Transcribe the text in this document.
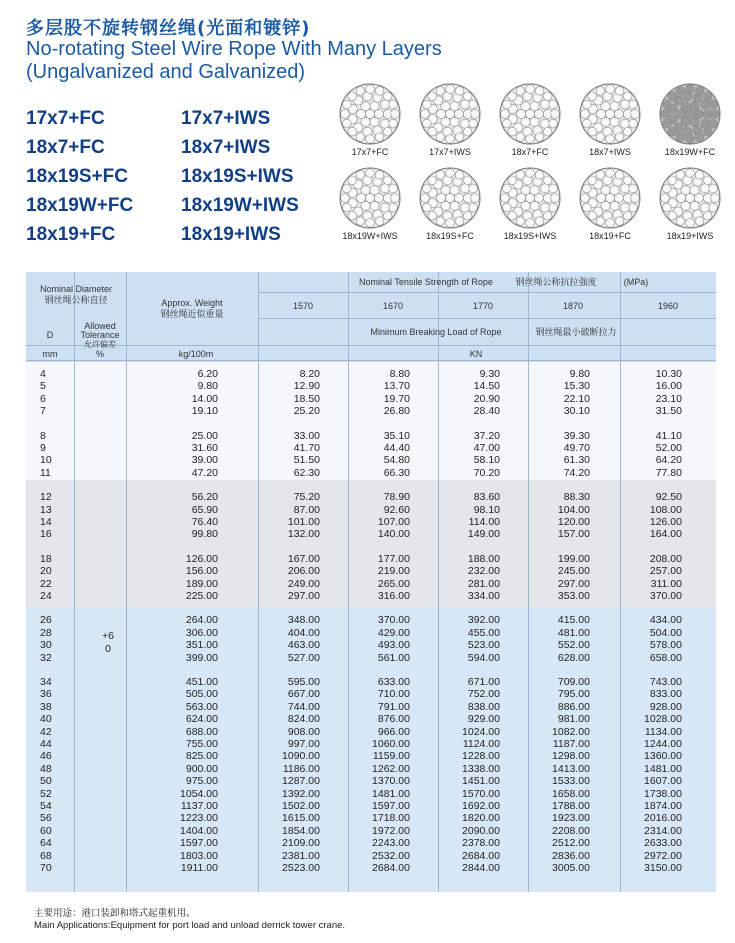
多层股不旋转钢丝绳(光面和镀锌)
No-rotating Steel Wire Rope With Many Layers
(Ungalvanized and Galvanized)
17x7+FC	17x7+IWS
18x7+FC	18x7+IWS
18x19S+FC	18x19S+IWS
18x19W+FC	18x19W+IWS
18x19+FC	18x19+IWS
17x7+FC	17x7+IWS	18x7+FC	18x7+IWS	18x19W+FC
18x19W+IWS	18x19S+FC	18x19S+IWS	18x19+FC	18x19+IWS
Nominal Diameter
钢丝绳公称直径	Approx. Weight
钢丝绳近似重量
Nominal Tensile Strength of Rope	钢丝绳公称抗拉强度	(MPa)
1570	1670	1770	1870	1960
D
Allowed
Tolerance
允许偏差
Minimum Breaking Load of Rope	钢丝绳最小破断拉力
mm	%	kg/100m	KN
+6
0
4	6.20	8.20	8.80	9.30	9.80	10.30
5	9.80	12.90	13.70	14.50	15.30	16.00
6	14.00	18.50	19.70	20.90	22.10	23.10
7	19.10	25.20	26.80	28.40	30.10	31.50
8	25.00	33.00	35.10	37.20	39.30	41.10
9	31.60	41.70	44.40	47.00	49.70	52.00
10	39.00	51.50	54.80	58.10	61.30	64.20
11	47.20	62.30	66.30	70.20	74.20	77.80
12	56.20	75.20	78.90	83.60	88.30	92.50
13	65.90	87.00	92.60	98.10	104.00	108.00
14	76.40	101.00	107.00	114.00	120.00	126.00
16	99.80	132.00	140.00	149.00	157.00	164.00
18	126.00	167.00	177.00	188.00	199.00	208.00
20	156.00	206.00	219.00	232.00	245.00	257.00
22	189.00	249.00	265.00	281.00	297.00	311.00
24	225.00	297.00	316.00	334.00	353.00	370.00
26	264.00	348.00	370.00	392.00	415.00	434.00
28	306.00	404.00	429.00	455.00	481.00	504.00
30	351.00	463.00	493.00	523.00	552.00	578.00
32	399.00	527.00	561.00	594.00	628.00	658.00
34	451.00	595.00	633.00	671.00	709.00	743.00
36	505.00	667.00	710.00	752.00	795.00	833.00
38	563.00	744.00	791.00	838.00	886.00	928.00
40	624.00	824.00	876.00	929.00	981.00	1028.00
42	688.00	908.00	966.00	1024.00	1082.00	1134.00
44	755.00	997.00	1060.00	1124.00	1187.00	1244.00
46	825.00	1090.00	1159.00	1228.00	1298.00	1360.00
48	900.00	1186.00	1262.00	1338.00	1413.00	1481.00
50	975.00	1287.00	1370.00	1451.00	1533.00	1607.00
52	1054.00	1392.00	1481.00	1570.00	1658.00	1738.00
54	1137.00	1502.00	1597.00	1692.00	1788.00	1874.00
56	1223.00	1615.00	1718.00	1820.00	1923.00	2016.00
60	1404.00	1854.00	1972.00	2090.00	2208.00	2314.00
64	1597.00	2109.00	2243.00	2378.00	2512.00	2633.00
68	1803.00	2381.00	2532.00	2684.00	2836.00	2972.00
70	1911.00	2523.00	2684.00	2844.00	3005.00	3150.00
主要用途：港口装卸和塔式起重机用。
Main Applications:Equipment for port load and unload derrick tower crane.
